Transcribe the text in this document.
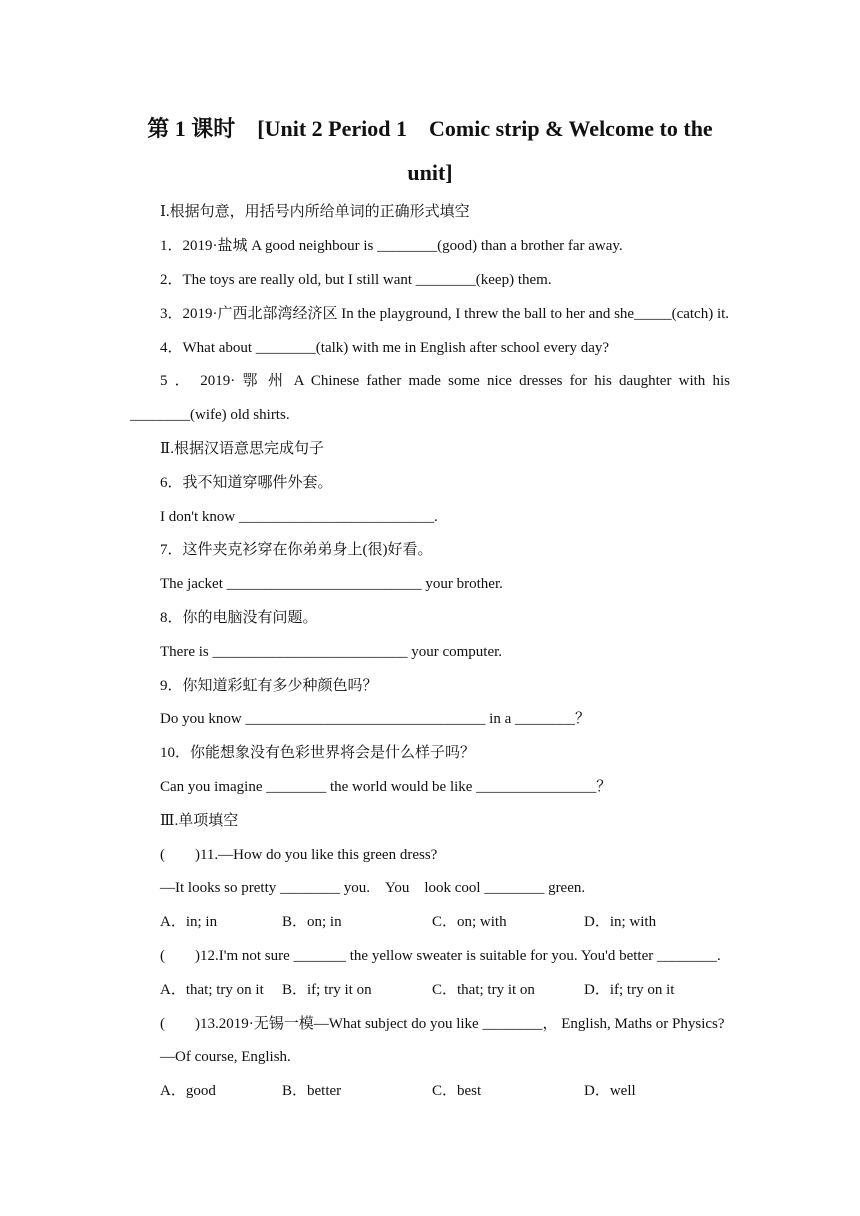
第 1 课时　[Unit 2 Period 1　Comic strip & Welcome to the
unit]
Ⅰ.根据句意，用括号内所给单词的正确形式填空
1．2019·盐城 A good neighbour is ________(good) than a brother far away.
2．The toys are really old, but I still want ________(keep) them.
3．2019·广西北部湾经济区 In the playground, I threw the ball to her and she_____(catch) it.
4．What about ________(talk) with me in English after school every day?
5 ． 2019· 鄂 州 A Chinese father made some nice dresses for his daughter with his
________(wife) old shirts.
Ⅱ.根据汉语意思完成句子
6．我不知道穿哪件外套。
I don't know __________________________.
7．这件夹克衫穿在你弟弟身上(很)好看。
The jacket __________________________ your brother.
8．你的电脑没有问题。
There is __________________________ your computer.
9．你知道彩虹有多少种颜色吗？
Do you know ________________________________ in a ________？
10．你能想象没有色彩世界将会是什么样子吗？
Can you imagine ________ the world would be like ________________？
Ⅲ.单项填空
(　　)11.—How do you like this green dress?
—It looks so pretty ________ you.　You　look cool ________ green.
A．in; in	B．on; in	C．on; with	D．in; with
(　　)12.I'm not sure _______ the yellow sweater is suitable for you. You'd better ________.
A．that; try on it B．if; try it on	C．that; try it on	D．if; try on it
(　　)13.2019·无锡一模—What subject do you like ________， English, Maths or Physics?
—Of course, English.
A．good	B．better	C．best	D．well
